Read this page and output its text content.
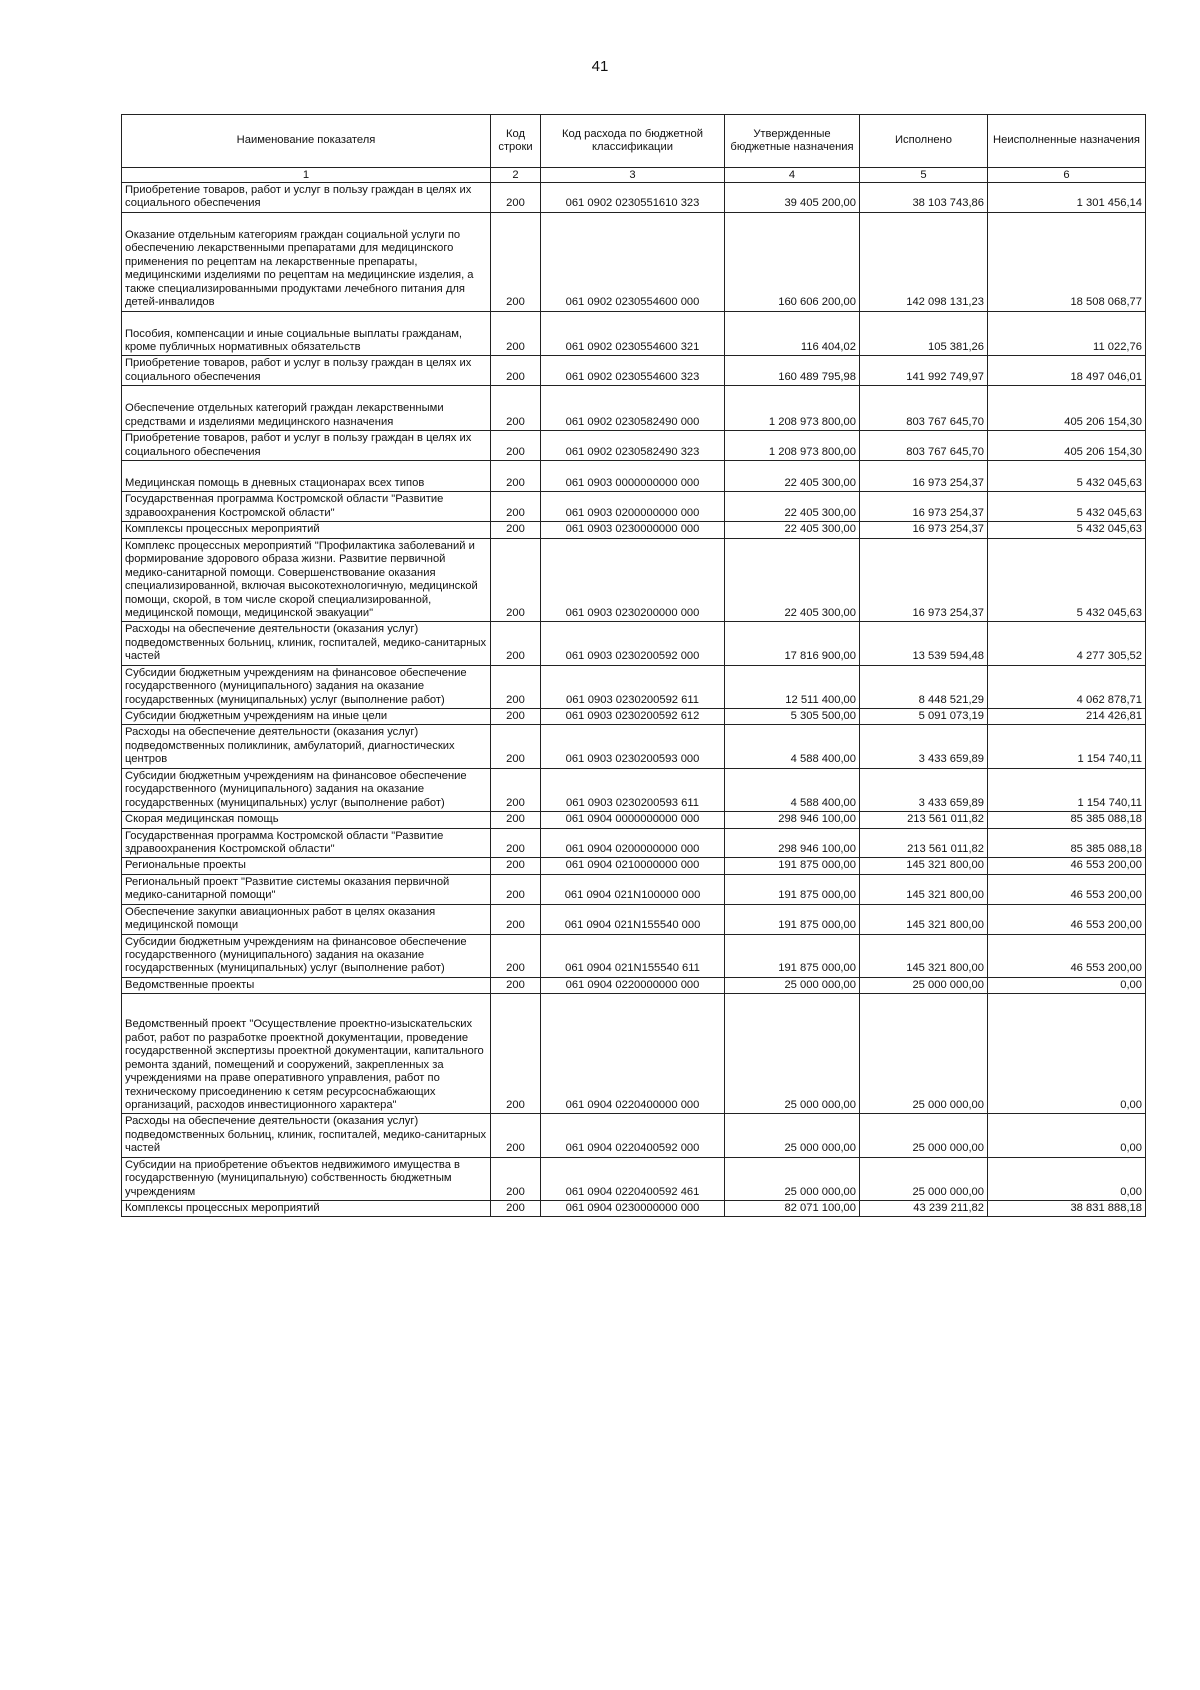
41
Наименование показателя	Код строки	Код расхода по бюджетной классификации	Утвержденные бюджетные назначения	Исполнено	Неисполненные назначения
1	2	3	4	5	6
Приобретение товаров, работ и услуг в пользу граждан в целях их социального обеспечения	200	061 0902 0230551610 323	39 405 200,00	38 103 743,86	1 301 456,14
Оказание отдельным категориям граждан социальной услуги по обеспечению лекарственными препаратами для медицинского применения по рецептам на лекарственные препараты, медицинскими изделиями по рецептам на медицинские изделия, а также специализированными продуктами лечебного питания для детей-инвалидов	200	061 0902 0230554600 000	160 606 200,00	142 098 131,23	18 508 068,77
Пособия, компенсации и иные социальные выплаты гражданам, кроме публичных нормативных обязательств	200	061 0902 0230554600 321	116 404,02	105 381,26	11 022,76
Приобретение товаров, работ и услуг в пользу граждан в целях их социального обеспечения	200	061 0902 0230554600 323	160 489 795,98	141 992 749,97	18 497 046,01
Обеспечение отдельных категорий граждан лекарственными средствами и изделиями медицинского назначения	200	061 0902 0230582490 000	1 208 973 800,00	803 767 645,70	405 206 154,30
Приобретение товаров, работ и услуг в пользу граждан в целях их социального обеспечения	200	061 0902 0230582490 323	1 208 973 800,00	803 767 645,70	405 206 154,30
Медицинская помощь в дневных стационарах всех типов	200	061 0903 0000000000 000	22 405 300,00	16 973 254,37	5 432 045,63
Государственная программа Костромской области "Развитие здравоохранения Костромской области"	200	061 0903 0200000000 000	22 405 300,00	16 973 254,37	5 432 045,63
Комплексы процессных мероприятий	200	061 0903 0230000000 000	22 405 300,00	16 973 254,37	5 432 045,63
Комплекс процессных мероприятий "Профилактика заболеваний и формирование здорового образа жизни. Развитие первичной медико-санитарной помощи. Совершенствование оказания специализированной, включая высокотехнологичную, медицинской помощи, скорой, в том числе скорой специализированной, медицинской помощи, медицинской эвакуации"	200	061 0903 0230200000 000	22 405 300,00	16 973 254,37	5 432 045,63
Расходы на обеспечение деятельности (оказания услуг) подведомственных больниц, клиник, госпиталей, медико-санитарных частей	200	061 0903 0230200592 000	17 816 900,00	13 539 594,48	4 277 305,52
Субсидии бюджетным учреждениям на финансовое обеспечение государственного (муниципального) задания на оказание государственных (муниципальных) услуг (выполнение работ)	200	061 0903 0230200592 611	12 511 400,00	8 448 521,29	4 062 878,71
Субсидии бюджетным учреждениям на иные цели	200	061 0903 0230200592 612	5 305 500,00	5 091 073,19	214 426,81
Расходы на обеспечение деятельности (оказания услуг) подведомственных поликлиник, амбулаторий, диагностических центров	200	061 0903 0230200593 000	4 588 400,00	3 433 659,89	1 154 740,11
Субсидии бюджетным учреждениям на финансовое обеспечение государственного (муниципального) задания на оказание государственных (муниципальных) услуг (выполнение работ)	200	061 0903 0230200593 611	4 588 400,00	3 433 659,89	1 154 740,11
Скорая медицинская помощь	200	061 0904 0000000000 000	298 946 100,00	213 561 011,82	85 385 088,18
Государственная программа Костромской области "Развитие здравоохранения Костромской области"	200	061 0904 0200000000 000	298 946 100,00	213 561 011,82	85 385 088,18
Региональные проекты	200	061 0904 0210000000 000	191 875 000,00	145 321 800,00	46 553 200,00
Региональный проект "Развитие системы оказания первичной медико-санитарной помощи"	200	061 0904 021N100000 000	191 875 000,00	145 321 800,00	46 553 200,00
Обеспечение закупки авиационных работ в целях оказания медицинской помощи	200	061 0904 021N155540 000	191 875 000,00	145 321 800,00	46 553 200,00
Субсидии бюджетным учреждениям на финансовое обеспечение государственного (муниципального) задания на оказание государственных (муниципальных) услуг (выполнение работ)	200	061 0904 021N155540 611	191 875 000,00	145 321 800,00	46 553 200,00
Ведомственные проекты	200	061 0904 0220000000 000	25 000 000,00	25 000 000,00	0,00
Ведомственный проект "Осуществление проектно-изыскательских работ, работ по разработке проектной документации, проведение государственной экспертизы проектной документации, капитального ремонта зданий, помещений и сооружений, закрепленных за учреждениями на праве оперативного управления, работ по техническому присоединению к сетям ресурсоснабжающих организаций, расходов инвестиционного характера"	200	061 0904 0220400000 000	25 000 000,00	25 000 000,00	0,00
Расходы на обеспечение деятельности (оказания услуг) подведомственных больниц, клиник, госпиталей, медико-санитарных частей	200	061 0904 0220400592 000	25 000 000,00	25 000 000,00	0,00
Субсидии на приобретение объектов недвижимого имущества в государственную (муниципальную) собственность бюджетным учреждениям	200	061 0904 0220400592 461	25 000 000,00	25 000 000,00	0,00
Комплексы процессных мероприятий	200	061 0904 0230000000 000	82 071 100,00	43 239 211,82	38 831 888,18
